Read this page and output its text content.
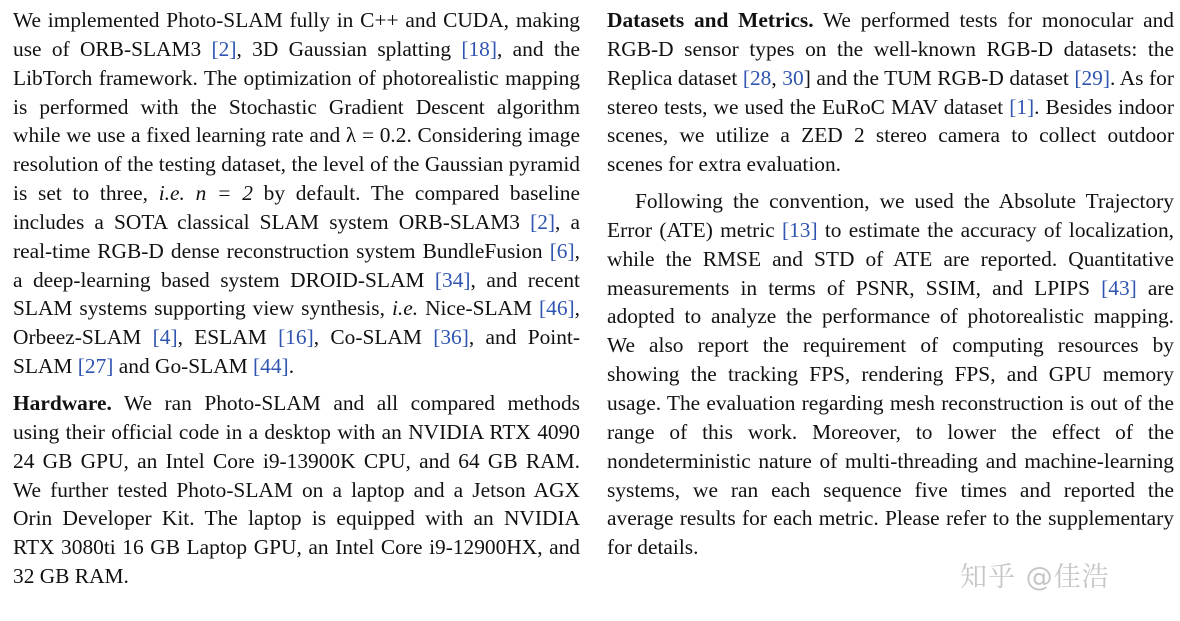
We implemented Photo-SLAM fully in C++ and CUDA, making use of ORB-SLAM3 [2], 3D Gaussian splatting [18], and the LibTorch framework. The optimization of photorealistic mapping is performed with the Stochastic Gradient Descent algorithm while we use a fixed learning rate and λ = 0.2. Considering image resolution of the testing dataset, the level of the Gaussian pyramid is set to three, i.e. n = 2 by default. The compared baseline includes a SOTA classical SLAM system ORB-SLAM3 [2], a real-time RGB-D dense reconstruction system BundleFusion [6], a deep-learning based system DROID-SLAM [34], and recent SLAM systems supporting view synthesis, i.e. Nice-SLAM [46], Orbeez-SLAM [4], ESLAM [16], Co-SLAM [36], and Point-SLAM [27] and Go-SLAM [44].

Hardware. We ran Photo-SLAM and all compared methods using their official code in a desktop with an NVIDIA RTX 4090 24 GB GPU, an Intel Core i9-13900K CPU, and 64 GB RAM. We further tested Photo-SLAM on a laptop and a Jetson AGX Orin Developer Kit. The laptop is equipped with an NVIDIA RTX 3080ti 16 GB Laptop GPU, an Intel Core i9-12900HX, and 32 GB RAM.

Datasets and Metrics. We performed tests for monocular and RGB-D sensor types on the well-known RGB-D datasets: the Replica dataset [28, 30] and the TUM RGB-D dataset [29]. As for stereo tests, we used the EuRoC MAV dataset [1]. Besides indoor scenes, we utilize a ZED 2 stereo camera to collect outdoor scenes for extra evaluation.

Following the convention, we used the Absolute Trajectory Error (ATE) metric [13] to estimate the accuracy of localization, while the RMSE and STD of ATE are reported. Quantitative measurements in terms of PSNR, SSIM, and LPIPS [43] are adopted to analyze the performance of photorealistic mapping. We also report the requirement of computing resources by showing the tracking FPS, rendering FPS, and GPU memory usage. The evaluation regarding mesh reconstruction is out of the range of this work. Moreover, to lower the effect of the nondeterministic nature of multi-threading and machine-learning systems, we ran each sequence five times and reported the average results for each metric. Please refer to the supplementary for details.

知乎 @佳浩
